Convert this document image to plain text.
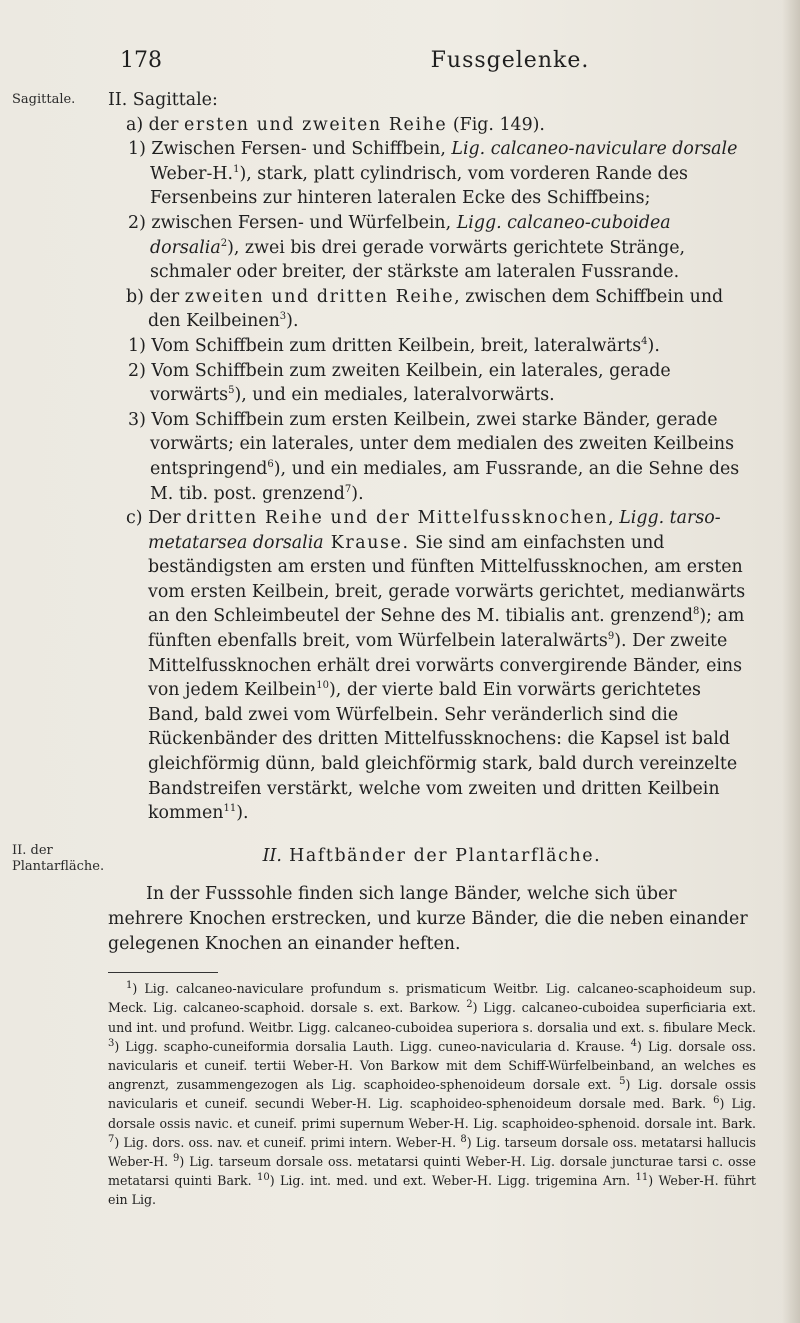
178	Fussgelenke.
Sagittale.
II. der Plantarfläche.

II. Sagittale:

a) der ersten und zweiten Reihe (Fig. 149).

1) Zwischen Fersen- und Schiffbein, Lig. calcaneo-naviculare dorsale Weber-H.$^1$), stark, platt cylindrisch, vom vorderen Rande des Fersenbeins zur hinteren lateralen Ecke des Schiffbeins;

2) zwischen Fersen- und Würfelbein, Ligg. calcaneo-cuboidea dorsalia$^2$), zwei bis drei gerade vorwärts gerichtete Stränge, schmaler oder breiter, der stärkste am lateralen Fussrande.

b) der zweiten und dritten Reihe, zwischen dem Schiffbein und den Keilbeinen$^3$).

1) Vom Schiffbein zum dritten Keilbein, breit, lateralwärts$^4$).

2) Vom Schiffbein zum zweiten Keilbein, ein laterales, gerade vorwärts$^5$), und ein mediales, lateralvorwärts.

3) Vom Schiffbein zum ersten Keilbein, zwei starke Bänder, gerade vorwärts; ein laterales, unter dem medialen des zweiten Keilbeins entspringend$^6$), und ein mediales, am Fussrande, an die Sehne des M. tib. post. grenzend$^7$).

c) Der dritten Reihe und der Mittelfussknochen, Ligg. tarso-metatarsea dorsalia Krause. Sie sind am einfachsten und beständigsten am ersten und fünften Mittelfussknochen, am ersten vom ersten Keilbein, breit, gerade vorwärts gerichtet, medianwärts an den Schleimbeutel der Sehne des M. tibialis ant. grenzend$^8$); am fünften ebenfalls breit, vom Würfelbein lateralwärts$^9$). Der zweite Mittelfussknochen erhält drei vorwärts convergirende Bänder, eins von jedem Keilbein$^{10}$), der vierte bald Ein vorwärts gerichtetes Band, bald zwei vom Würfelbein. Sehr veränderlich sind die Rückenbänder des dritten Mittelfussknochens: die Kapsel ist bald gleichförmig dünn, bald gleichförmig stark, bald durch vereinzelte Bandstreifen verstärkt, welche vom zweiten und dritten Keilbein kommen$^{11}$).

II. Haftbänder der Plantarfläche.

In der Fusssohle finden sich lange Bänder, welche sich über mehrere Knochen erstrecken, und kurze Bänder, die die neben einander gelegenen Knochen an einander heften.

$^1$) Lig. calcaneo-naviculare profundum s. prismaticum Weitbr. Lig. calcaneo-scaphoideum sup. Meck. Lig. calcaneo-scaphoid. dorsale s. ext. Barkow. $^2$) Ligg. calcaneo-cuboidea superficiaria ext. und int. und profund. Weitbr. Ligg. calcaneo-cuboidea superiora s. dorsalia und ext. s. fibulare Meck. $^3$) Ligg. scapho-cuneiformia dorsalia Lauth. Ligg. cuneo-navicularia d. Krause. $^4$) Lig. dorsale oss. navicularis et cuneif. tertii Weber-H. Von Barkow mit dem Schiff-Würfelbeinband, an welches es angrenzt, zusammengezogen als Lig. scaphoideo-sphenoideum dorsale ext. $^5$) Lig. dorsale ossis navicularis et cuneif. secundi Weber-H. Lig. scaphoideo-sphenoideum dorsale med. Bark. $^6$) Lig. dorsale ossis navic. et cuneif. primi supernum Weber-H. Lig. scaphoideo-sphenoid. dorsale int. Bark. $^7$) Lig. dors. oss. nav. et cuneif. primi intern. Weber-H. $^8$) Lig. tarseum dorsale oss. metatarsi hallucis Weber-H. $^9$) Lig. tarseum dorsale oss. metatarsi quinti Weber-H. Lig. dorsale juncturae tarsi c. osse metatarsi quinti Bark. $^{10}$) Lig. int. med. und ext. Weber-H. Ligg. trigemina Arn. $^{11}$) Weber-H. führt ein Lig.
